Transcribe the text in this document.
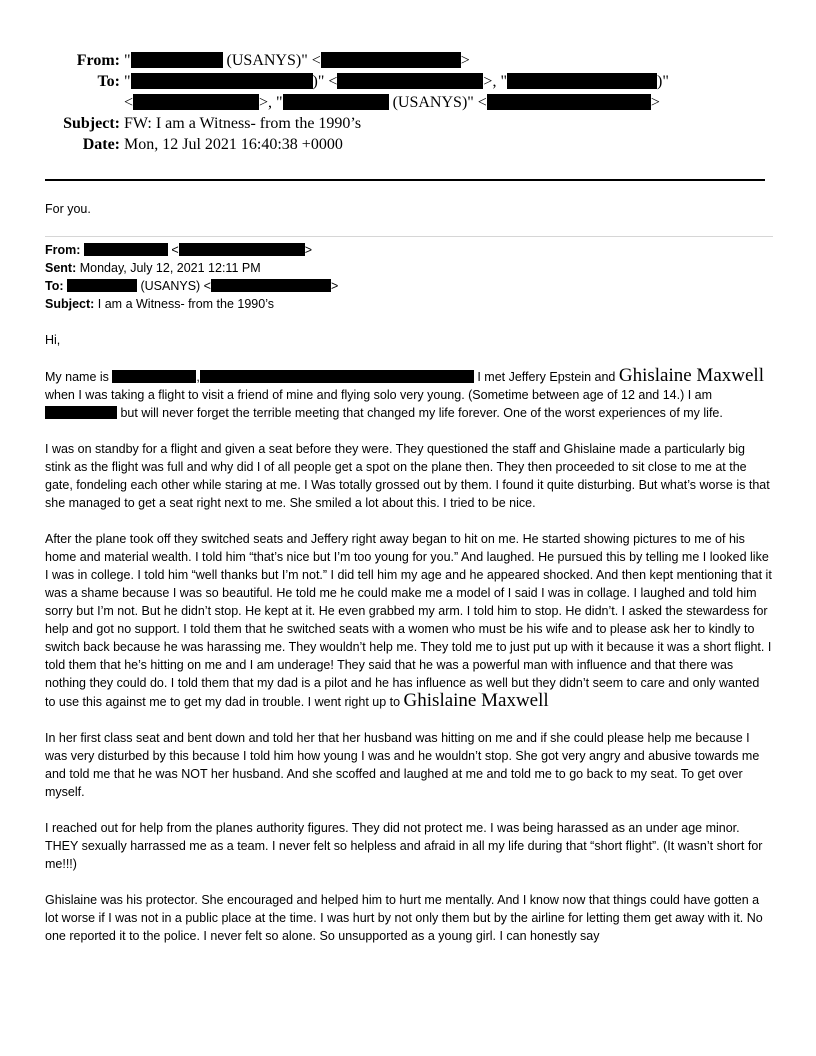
From: "	(USANYS)" <	>
To: "	)" <	>, "	)"
<	>, "	(USANYS)" <	>
Subject: FW: I am a Witness- from the 1990’s
Date: Mon, 12 Jul 2021 16:40:38 +0000

For you.

From:	<	>
Sent: Monday, July 12, 2021 12:11 PM
To:	(USANYS) <	>
Subject: I am a Witness- from the 1990’s

Hi,

My name is	,	I met Jeffery Epstein and Ghislaine Maxwell
when I was taking a flight to visit a friend of mine and flying solo very young. (Sometime between age of 12 and 14.) I am
but will never forget the terrible meeting that changed my life forever. One of the worst experiences of my life.

I was on standby for a flight and given a seat before they were. They questioned the staff and Ghislaine made a particularly big stink as the flight was full and why did I of all people get a spot on the plane then. They then proceeded to sit close to me at the gate, fondeling each other while staring at me. I Was totally grossed out by them. I found it quite disturbing. But what’s worse is that she managed to get a seat right next to me. She smiled a lot about this. I tried to be nice.

After the plane took off they switched seats and Jeffery right away began to hit on me. He started showing pictures to me of his home and material wealth. I told him “that’s nice but I’m too young for you.” And laughed. He pursued this by telling me I looked like I was in college. I told him “well thanks but I’m not.” I did tell him my age and he appeared shocked. And then kept mentioning that it was a shame because I was so beautiful. He told me he could make me a model of I said I was in collage. I laughed and told him sorry but I’m not. But he didn’t stop. He kept at it. He even grabbed my arm. I told him to stop. He didn’t. I asked the stewardess for help and got no support. I told them that he switched seats with a women who must be his wife and to please ask her to kindly to switch back because he was harassing me. They wouldn’t help me. They told me to just put up with it because it was a short flight. I told them that he’s hitting on me and I am underage! They said that he was a powerful man with influence and that there was nothing they could do. I told them that my dad is a pilot and he has influence as well but they didn’t seem to care and only wanted to use this against me to get my dad in trouble. I went right up to Ghislaine Maxwell

In her first class seat and bent down and told her that her husband was hitting on me and if she could please help me because I was very disturbed by this because I told him how young I was and he wouldn’t stop. She got very angry and abusive towards me and told me that he was NOT her husband. And she scoffed and laughed at me and told me to go back to my seat. To get over myself.

I reached out for help from the planes authority figures. They did not protect me. I was being harassed as an under age minor. THEY sexually harrassed me as a team. I never felt so helpless and afraid in all my life during that “short flight”. (It wasn’t short for me!!!)

Ghislaine was his protector. She encouraged and helped him to hurt me mentally. And I know now that things could have gotten a lot worse if I was not in a public place at the time. I was hurt by not only them but by the airline for letting them get away with it. No one reported it to the police. I never felt so alone. So unsupported as a young girl. I can honestly say
